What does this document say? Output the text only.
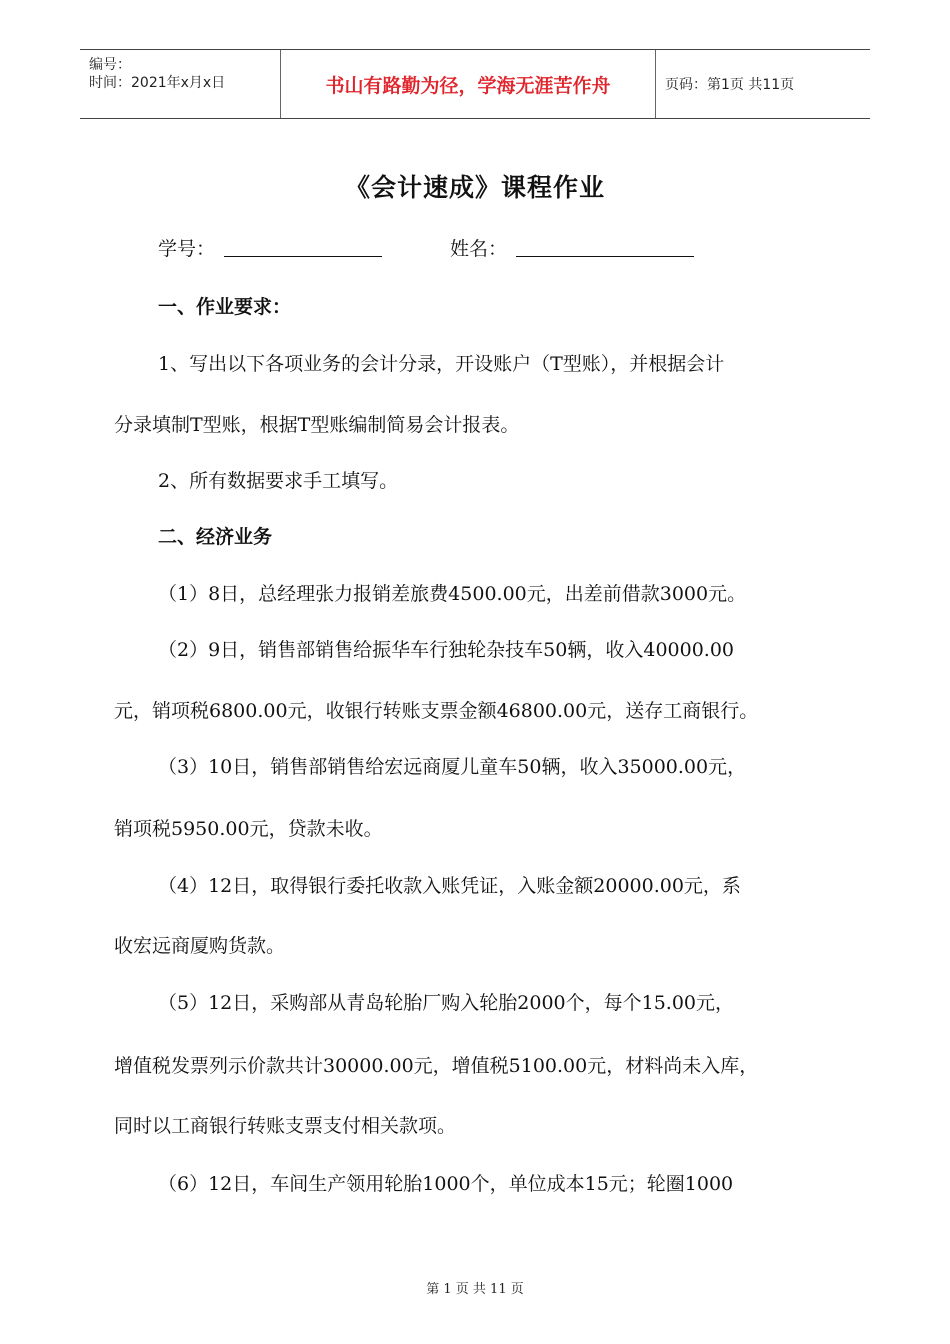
编号：
时间：2021年x月x日	书山有路勤为径，学海无涯苦作舟	页码：第1页 共11页
《会计速成》课程作业
学号：	姓名：
一、作业要求：
1、写出以下各项业务的会计分录，开设账户（T型账），并根据会计
分录填制T型账，根据T型账编制简易会计报表。
2、所有数据要求手工填写。
二、经济业务
（1）8日，总经理张力报销差旅费4500.00元，出差前借款3000元。
（2）9日，销售部销售给振华车行独轮杂技车50辆，收入40000.00
元，销项税6800.00元，收银行转账支票金额46800.00元，送存工商银行。
（3）10日，销售部销售给宏远商厦儿童车50辆，收入35000.00元，
销项税5950.00元，贷款未收。
（4）12日，取得银行委托收款入账凭证，入账金额20000.00元，系
收宏远商厦购货款。
（5）12日，采购部从青岛轮胎厂购入轮胎2000个，每个15.00元，
增值税发票列示价款共计30000.00元，增值税5100.00元，材料尚未入库，
同时以工商银行转账支票支付相关款项。
（6）12日，车间生产领用轮胎1000个，单位成本15元；轮圈1000
第 1 页 共 11 页
